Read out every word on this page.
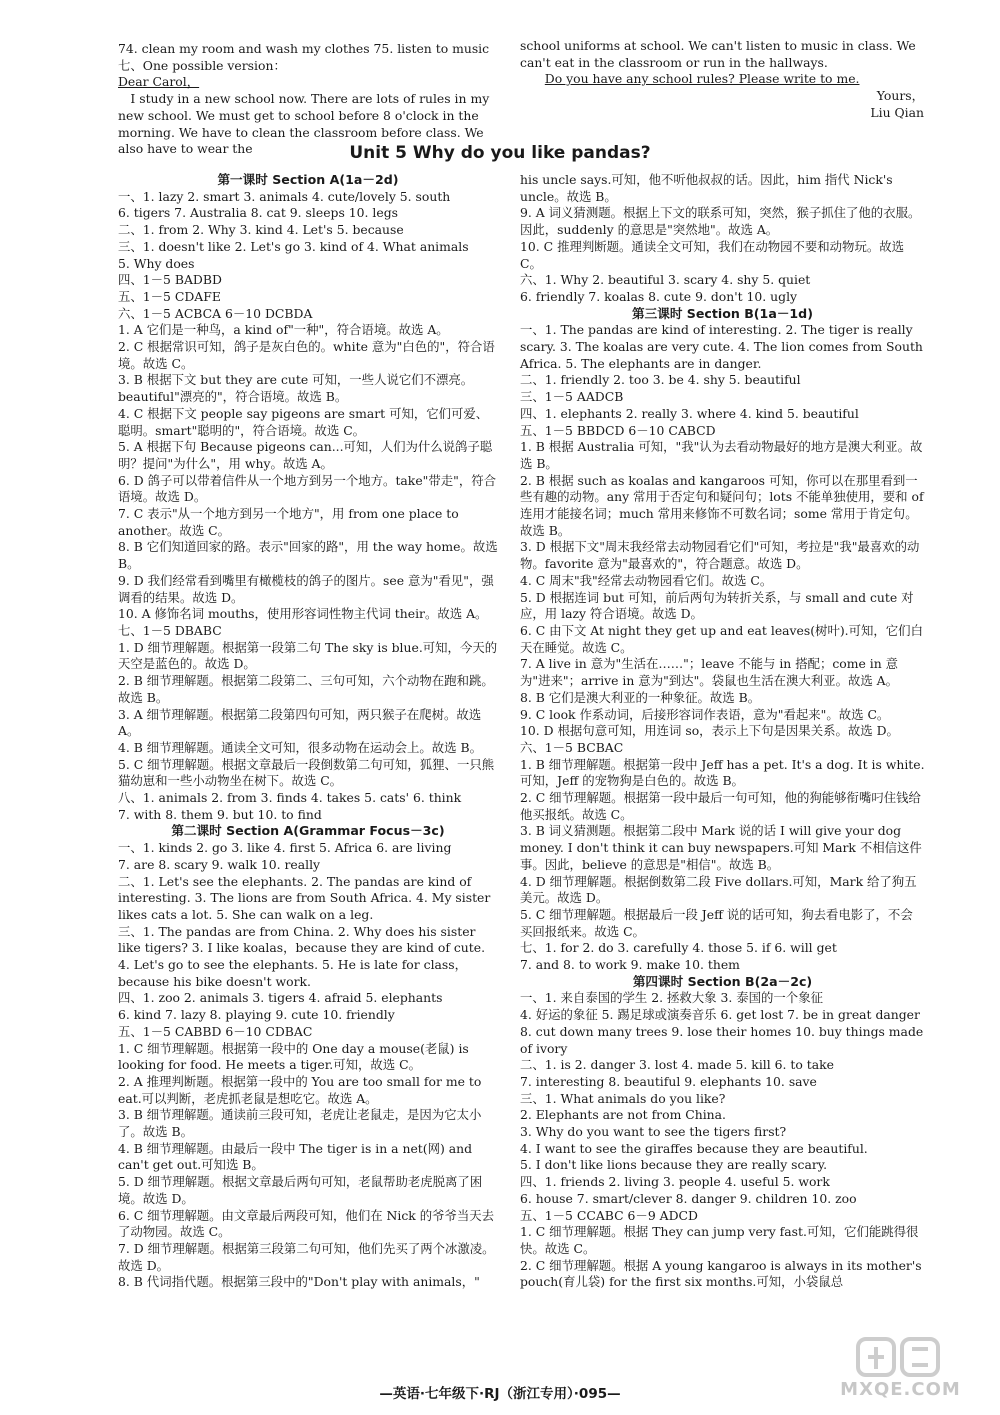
74. clean my room and wash my clothes 75. listen to music
七、One possible version：
Dear Carol，
I study in a new school now. There are lots of rules in my new school. We must get to school before 8 o'clock in the morning. We have to clean the classroom before class. We also have to wear the
school uniforms at school. We can't listen to music in class. We can't eat in the classroom or run in the hallways.
Do you have any school rules? Please write to me.
Yours，
Liu Qian
Unit 5 Why do you like pandas?
第一课时 Section A(1a－2d)
一、1. lazy 2. smart 3. animals 4. cute/lovely 5. south
6. tigers 7. Australia 8. cat 9. sleeps 10. legs
二、1. from 2. Why 3. kind 4. Let's 5. because
三、1. doesn't like 2. Let's go 3. kind of 4. What animals
5. Why does
四、1－5 BADBD
五、1－5 CDAFE
六、1－5 ACBCA 6－10 DCBDA
1. A 它们是一种鸟，a kind of"一种"，符合语境。故选 A。
2. C 根据常识可知，鸽子是灰白色的。white 意为"白色的"，符合语境。故选 C。
3. B 根据下文 but they are cute 可知，一些人说它们不漂亮。beautiful"漂亮的"，符合语境。故选 B。
4. C 根据下文 people say pigeons are smart 可知，它们可爱、聪明。smart"聪明的"，符合语境。故选 C。
5. A 根据下句 Because pigeons can...可知，人们为什么说鸽子聪明？提问"为什么"，用 why。故选 A。
6. D 鸽子可以带着信件从一个地方到另一个地方。take"带走"，符合语境。故选 D。
7. C 表示"从一个地方到另一个地方"，用 from one place to another。故选 C。
8. B 它们知道回家的路。表示"回家的路"，用 the way home。故选 B。
9. D 我们经常看到嘴里有橄榄枝的鸽子的图片。see 意为"看见"，强调看的结果。故选 D。
10. A 修饰名词 mouths，使用形容词性物主代词 their。故选 A。
七、1－5 DBABC
1. D 细节理解题。根据第一段第二句 The sky is blue.可知，今天的天空是蓝色的。故选 D。
2. B 细节理解题。根据第二段第二、三句可知，六个动物在跑和跳。故选 B。
3. A 细节理解题。根据第二段第四句可知，两只猴子在爬树。故选 A。
4. B 细节理解题。通读全文可知，很多动物在运动会上。故选 B。
5. C 细节理解题。根据文章最后一段倒数第二句可知，狐狸、一只熊猫幼崽和一些小动物坐在树下。故选 C。
八、1. animals 2. from 3. finds 4. takes 5. cats' 6. think
7. with 8. them 9. but 10. to find
第二课时 Section A(Grammar Focus－3c)
一、1. kinds 2. go 3. like 4. first 5. Africa 6. are living
7. are 8. scary 9. walk 10. really
二、1. Let's see the elephants. 2. The pandas are kind of interesting. 3. The lions are from South Africa. 4. My sister likes cats a lot. 5. She can walk on a leg.
三、1. The pandas are from China. 2. Why does his sister like tigers? 3. I like koalas，because they are kind of cute. 4. Let's go to see the elephants. 5. He is late for class，because his bike doesn't work.
四、1. zoo 2. animals 3. tigers 4. afraid 5. elephants
6. kind 7. lazy 8. playing 9. cute 10. friendly
五、1－5 CABBD 6－10 CDBAC
1. C 细节理解题。根据第一段中的 One day a mouse(老鼠) is looking for food. He meets a tiger.可知，故选 C。
2. A 推理判断题。根据第一段中的 You are too small for me to eat.可以判断，老虎抓老鼠是想吃它。故选 A。
3. B 细节理解题。通读前三段可知，老虎让老鼠走，是因为它太小了。故选 B。
4. B 细节理解题。由最后一段中 The tiger is in a net(网) and can't get out.可知选 B。
5. D 细节理解题。根据文章最后两句可知，老鼠帮助老虎脱离了困境。故选 D。
6. C 细节理解题。由文章最后两段可知，他们在 Nick 的爷爷当天去了动物园。故选 C。
7. D 细节理解题。根据第三段第二句可知，他们先买了两个冰激凌。故选 D。
8. B 代词指代题。根据第三段中的"Don't play with animals，"
his uncle says.可知，他不听他叔叔的话。因此，him 指代 Nick's uncle。故选 B。
9. A 词义猜测题。根据上下文的联系可知，突然，猴子抓住了他的衣服。因此，suddenly 的意思是"突然地"。故选 A。
10. C 推理判断题。通读全文可知，我们在动物园不要和动物玩。故选 C。
六、1. Why 2. beautiful 3. scary 4. shy 5. quiet
6. friendly 7. koalas 8. cute 9. don't 10. ugly
第三课时 Section B(1a－1d)
一、1. The pandas are kind of interesting. 2. The tiger is really scary. 3. The koalas are very cute. 4. The lion comes from South Africa. 5. The elephants are in danger.
二、1. friendly 2. too 3. be 4. shy 5. beautiful
三、1－5 AADCB
四、1. elephants 2. really 3. where 4. kind 5. beautiful
五、1－5 BBDCD 6－10 CABCD
1. B 根据 Australia 可知，"我"认为去看动物最好的地方是澳大利亚。故选 B。
2. B 根据 such as koalas and kangaroos 可知，你可以在那里看到一些有趣的动物。any 常用于否定句和疑问句；lots 不能单独使用，要和 of 连用才能接名词；much 常用来修饰不可数名词；some 常用于肯定句。故选 B。
3. D 根据下文"周末我经常去动物园看它们"可知，考拉是"我"最喜欢的动物。favorite 意为"最喜欢的"，符合题意。故选 D。
4. C 周末"我"经常去动物园看它们。故选 C。
5. D 根据连词 but 可知，前后两句为转折关系，与 small and cute 对应，用 lazy 符合语境。故选 D。
6. C 由下文 At night they get up and eat leaves(树叶).可知，它们白天在睡觉。故选 C。
7. A live in 意为"生活在……"；leave 不能与 in 搭配；come in 意为"进来"；arrive in 意为"到达"。袋鼠也生活在澳大利亚。故选 A。
8. B 它们是澳大利亚的一种象征。故选 B。
9. C look 作系动词，后接形容词作表语，意为"看起来"。故选 C。
10. D 根据句意可知，用连词 so，表示上下句是因果关系。故选 D。
六、1－5 BCBAC
1. B 细节理解题。根据第一段中 Jeff has a pet. It's a dog. It is white.可知，Jeff 的宠物狗是白色的。故选 B。
2. C 细节理解题。根据第一段中最后一句可知，他的狗能够衔嘴叼住钱给他买报纸。故选 C。
3. B 词义猜测题。根据第二段中 Mark 说的话 I will give your dog money. I don't think it can buy newspapers.可知 Mark 不相信这件事。因此，believe 的意思是"相信"。故选 B。
4. D 细节理解题。根据倒数第二段 Five dollars.可知，Mark 给了狗五美元。故选 D。
5. C 细节理解题。根据最后一段 Jeff 说的话可知，狗去看电影了，不会买回报纸来。故选 C。
七、1. for 2. do 3. carefully 4. those 5. if 6. will get
7. and 8. to work 9. make 10. them
第四课时 Section B(2a－2c)
一、1. 来自泰国的学生 2. 拯救大象 3. 泰国的一个象征
4. 好运的象征 5. 踢足球或演奏音乐 6. get lost 7. be in great danger 8. cut down many trees 9. lose their homes 10. buy things made of ivory
二、1. is 2. danger 3. lost 4. made 5. kill 6. to take
7. interesting 8. beautiful 9. elephants 10. save
三、1. What animals do you like?
2. Elephants are not from China.
3. Why do you want to see the tigers first?
4. I want to see the giraffes because they are beautiful.
5. I don't like lions because they are really scary.
四、1. friends 2. living 3. people 4. useful 5. work
6. house 7. smart/clever 8. danger 9. children 10. zoo
五、1－5 CCABC 6－9 ADCD
1. C 细节理解题。根据 They can jump very fast.可知，它们能跳得很快。故选 C。
2. C 细节理解题。根据 A young kangaroo is always in its mother's pouch(育儿袋) for the first six months.可知，小袋鼠总
—英语·七年级下·RJ（浙江专用）·095—	MXQE.COM
